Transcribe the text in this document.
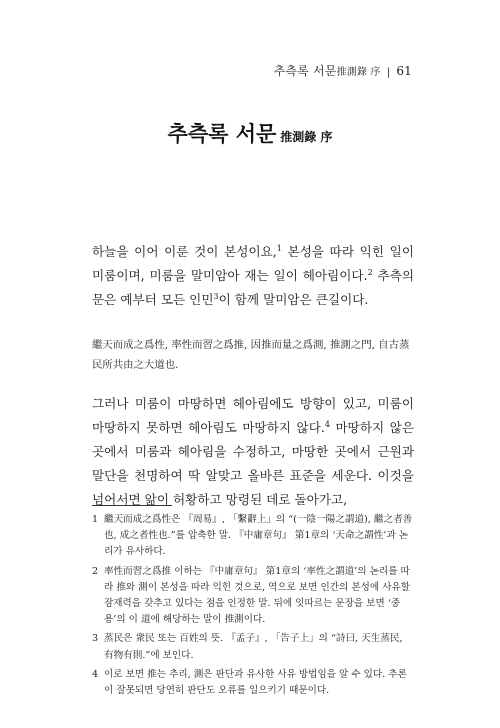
추측록 서문推測錄 序 | 61
추측록 서문 推測錄 序

하늘을 이어 이룬 것이 본성이요,$^1$ 본성을 따라 익힌 일이 미룸이며, 미룸을 말미암아 재는 일이 헤아림이다.$^2$ 추측의 문은 예부터 모든 인민$^3$이 함께 말미암은 큰길이다.

繼天而成之爲性, 率性而習之爲推, 因推而量之爲測, 推測之門, 自古蒸民所共由之大道也.

그러나 미룸이 마땅하면 헤아림에도 방향이 있고, 미룸이 마땅하지 못하면 헤아림도 마땅하지 않다.$^4$ 마땅하지 않은 곳에서 미룸과 헤아림을 수정하고, 마땅한 곳에서 근원과 말단을 천명하여 딱 알맞고 올바른 표준을 세운다. 이것을 넘어서면 앎이 허황하고 망령된 데로 돌아가고,

1 繼天而成之爲性은 『周易』, 「繫辭上」의 “(一陰一陽之謂道), 繼之者善也, 成之者性也.”를 압축한 말. 『中庸章句』 第1章의 ‘天命之謂性’과 논리가 유사하다.
2 率性而習之爲推 이하는 『中庸章句』 第1章의 ‘率性之謂道’의 논리를 따라 推와 測이 본성을 따라 익힌 것으로, 역으로 보면 인간의 본성에 사유할 잠재력을 갖추고 있다는 점을 인정한 말. 뒤에 잇따르는 문장을 보면 ‘중용’의 이 道에 해당하는 말이 推測이다.
3 蒸民은 衆民 또는 百姓의 뜻. 『孟子』, 「告子上」의 “詩曰, 天生蒸民, 有物有則.”에 보인다.
4 이로 보면 推는 추리, 測은 판단과 유사한 사유 방법임을 알 수 있다. 추론이 잘못되면 당연히 판단도 오류를 일으키기 때문이다.
